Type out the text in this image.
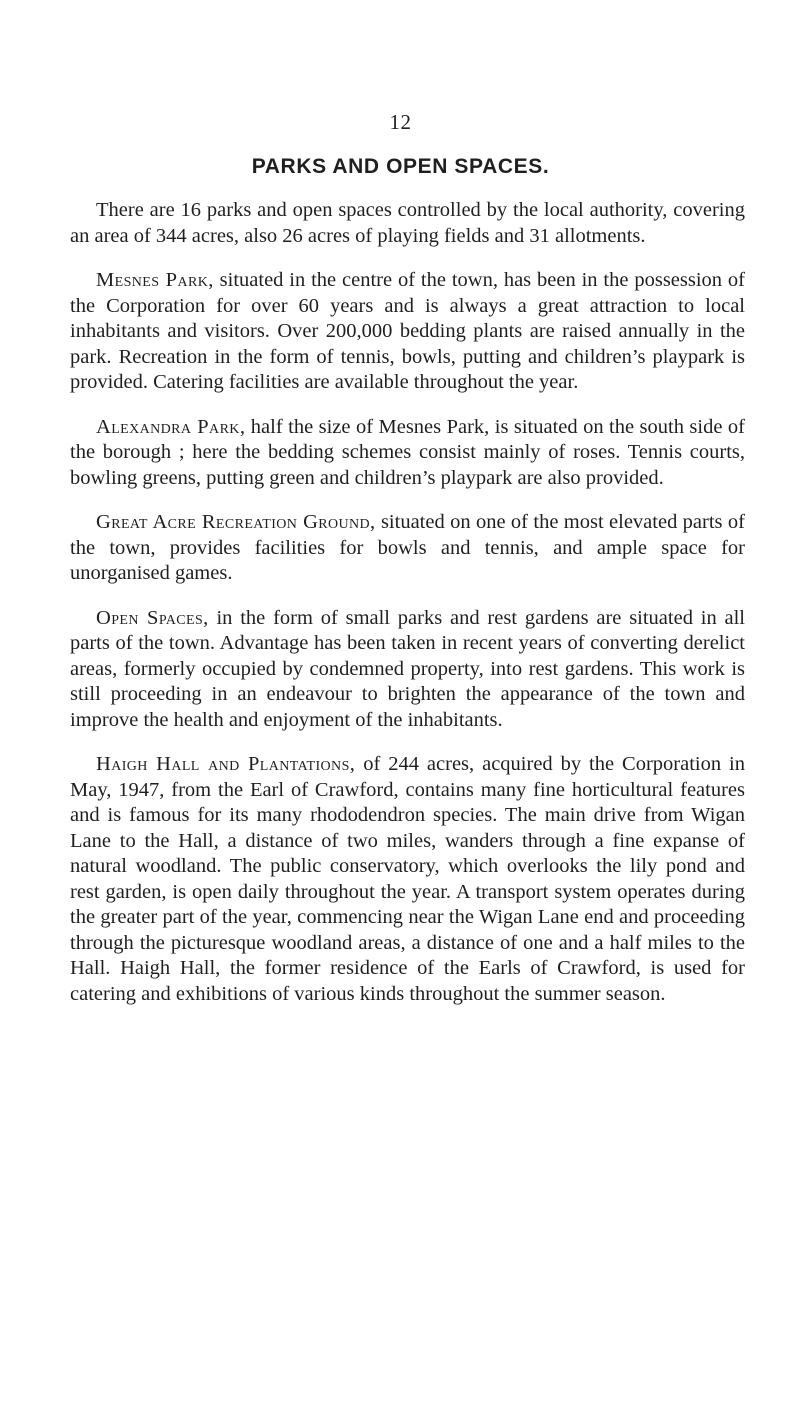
12
PARKS AND OPEN SPACES.

There are 16 parks and open spaces controlled by the local authority, covering an area of 344 acres, also 26 acres of playing fields and 31 allotments.

Mesnes Park, situated in the centre of the town, has been in the possession of the Corporation for over 60 years and is always a great attraction to local inhabitants and visitors. Over 200,000 bedding plants are raised annually in the park. Recreation in the form of tennis, bowls, putting and children’s playpark is provided. Catering facilities are available throughout the year.

Alexandra Park, half the size of Mesnes Park, is situated on the south side of the borough ; here the bedding schemes consist mainly of roses. Tennis courts, bowling greens, putting green and children’s playpark are also provided.

Great Acre Recreation Ground, situated on one of the most elevated parts of the town, provides facilities for bowls and tennis, and ample space for unorganised games.

Open Spaces, in the form of small parks and rest gardens are situated in all parts of the town. Advantage has been taken in recent years of converting derelict areas, formerly occupied by condemned property, into rest gardens. This work is still proceeding in an endeavour to brighten the appearance of the town and improve the health and enjoyment of the inhabitants.

Haigh Hall and Plantations, of 244 acres, acquired by the Corporation in May, 1947, from the Earl of Crawford, contains many fine horticultural features and is famous for its many rhododendron species. The main drive from Wigan Lane to the Hall, a distance of two miles, wanders through a fine expanse of natural woodland. The public conservatory, which overlooks the lily pond and rest garden, is open daily throughout the year. A transport system operates during the greater part of the year, commencing near the Wigan Lane end and proceeding through the picturesque woodland areas, a distance of one and a half miles to the Hall. Haigh Hall, the former residence of the Earls of Crawford, is used for catering and exhibitions of various kinds throughout the summer season.
